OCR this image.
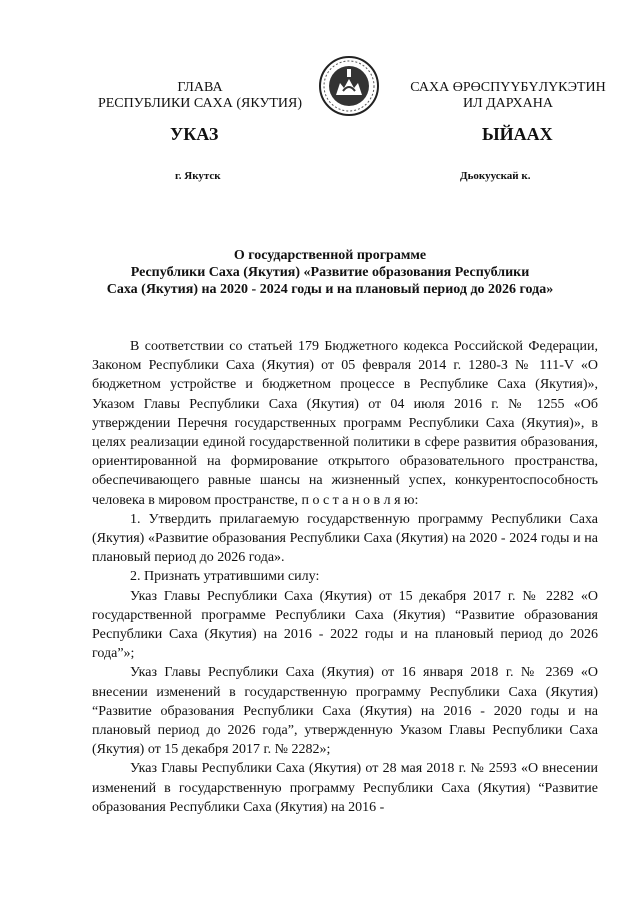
ГЛАВА
РЕСПУБЛИКИ САХА (ЯКУТИЯ)
САХА ӨРӨСПҮҮБҮЛҮКЭТИН
ИЛ ДАРХАНА
УКАЗ	ЫЙААХ
г. Якутск	Дьокуускай к.
О государственной программе
Республики Саха (Якутия) «Развитие образования Республики
Саха (Якутия) на 2020 - 2024 годы и на плановый период до 2026 года»

В соответствии со статьей 179 Бюджетного кодекса Российской Федерации, Законом Республики Саха (Якутия) от 05 февраля 2014 г. 1280-З № 111-V «О бюджетном устройстве и бюджетном процессе в Республике Саха (Якутия)», Указом Главы Республики Саха (Якутия) от 04 июля 2016 г. № 1255 «Об утверждении Перечня государственных программ Республики Саха (Якутия)», в целях реализации единой государственной политики в сфере развития образования, ориентированной на формирование открытого образовательного пространства, обеспечивающего равные шансы на жизненный успех, конкурентоспособность человека в мировом пространстве, п о с т а н о в л я ю:

1. Утвердить прилагаемую государственную программу Республики Саха (Якутия) «Развитие образования Республики Саха (Якутия) на 2020 - 2024 годы и на плановый период до 2026 года».

2. Признать утратившими силу:

Указ Главы Республики Саха (Якутия) от 15 декабря 2017 г. № 2282 «О государственной программе Республики Саха (Якутия) “Развитие образования Республики Саха (Якутия) на 2016 - 2022 годы и на плановый период до 2026 года”»;

Указ Главы Республики Саха (Якутия) от 16 января 2018 г. № 2369 «О внесении изменений в государственную программу Республики Саха (Якутия) “Развитие образования Республики Саха (Якутия) на 2016 - 2020 годы и на плановый период до 2026 года”, утвержденную Указом Главы Республики Саха (Якутия) от 15 декабря 2017 г. № 2282»;

Указ Главы Республики Саха (Якутия) от 28 мая 2018 г. № 2593 «О внесении изменений в государственную программу Республики Саха (Якутия) “Развитие образования Республики Саха (Якутия) на 2016 -
